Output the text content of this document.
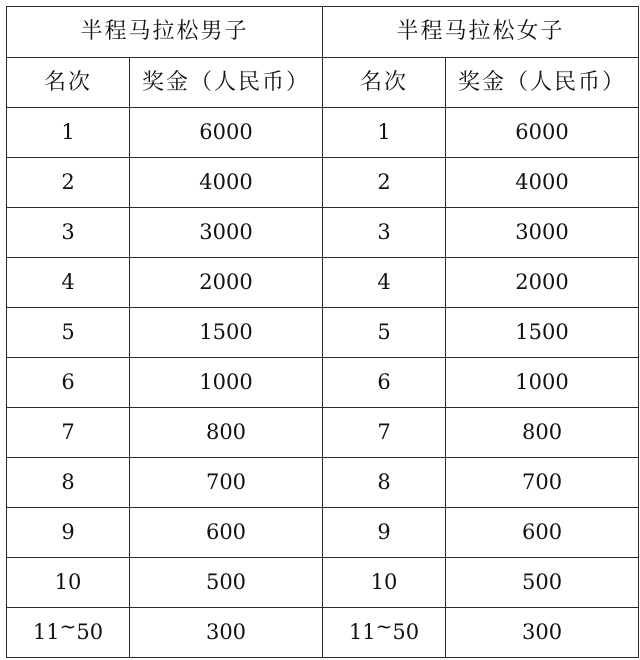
半程马拉松男子		半程马拉松女子	
名次	奖金（人民币）	名次	奖金（人民币）
1	6000	1	6000
2	4000	2	4000
3	3000	3	3000
4	2000	4	2000
5	1500	5	1500
6	1000	6	1000
7	800	7	800
8	700	8	700
9	600	9	600
10	500	10	500
11~50	300	11~50	300
